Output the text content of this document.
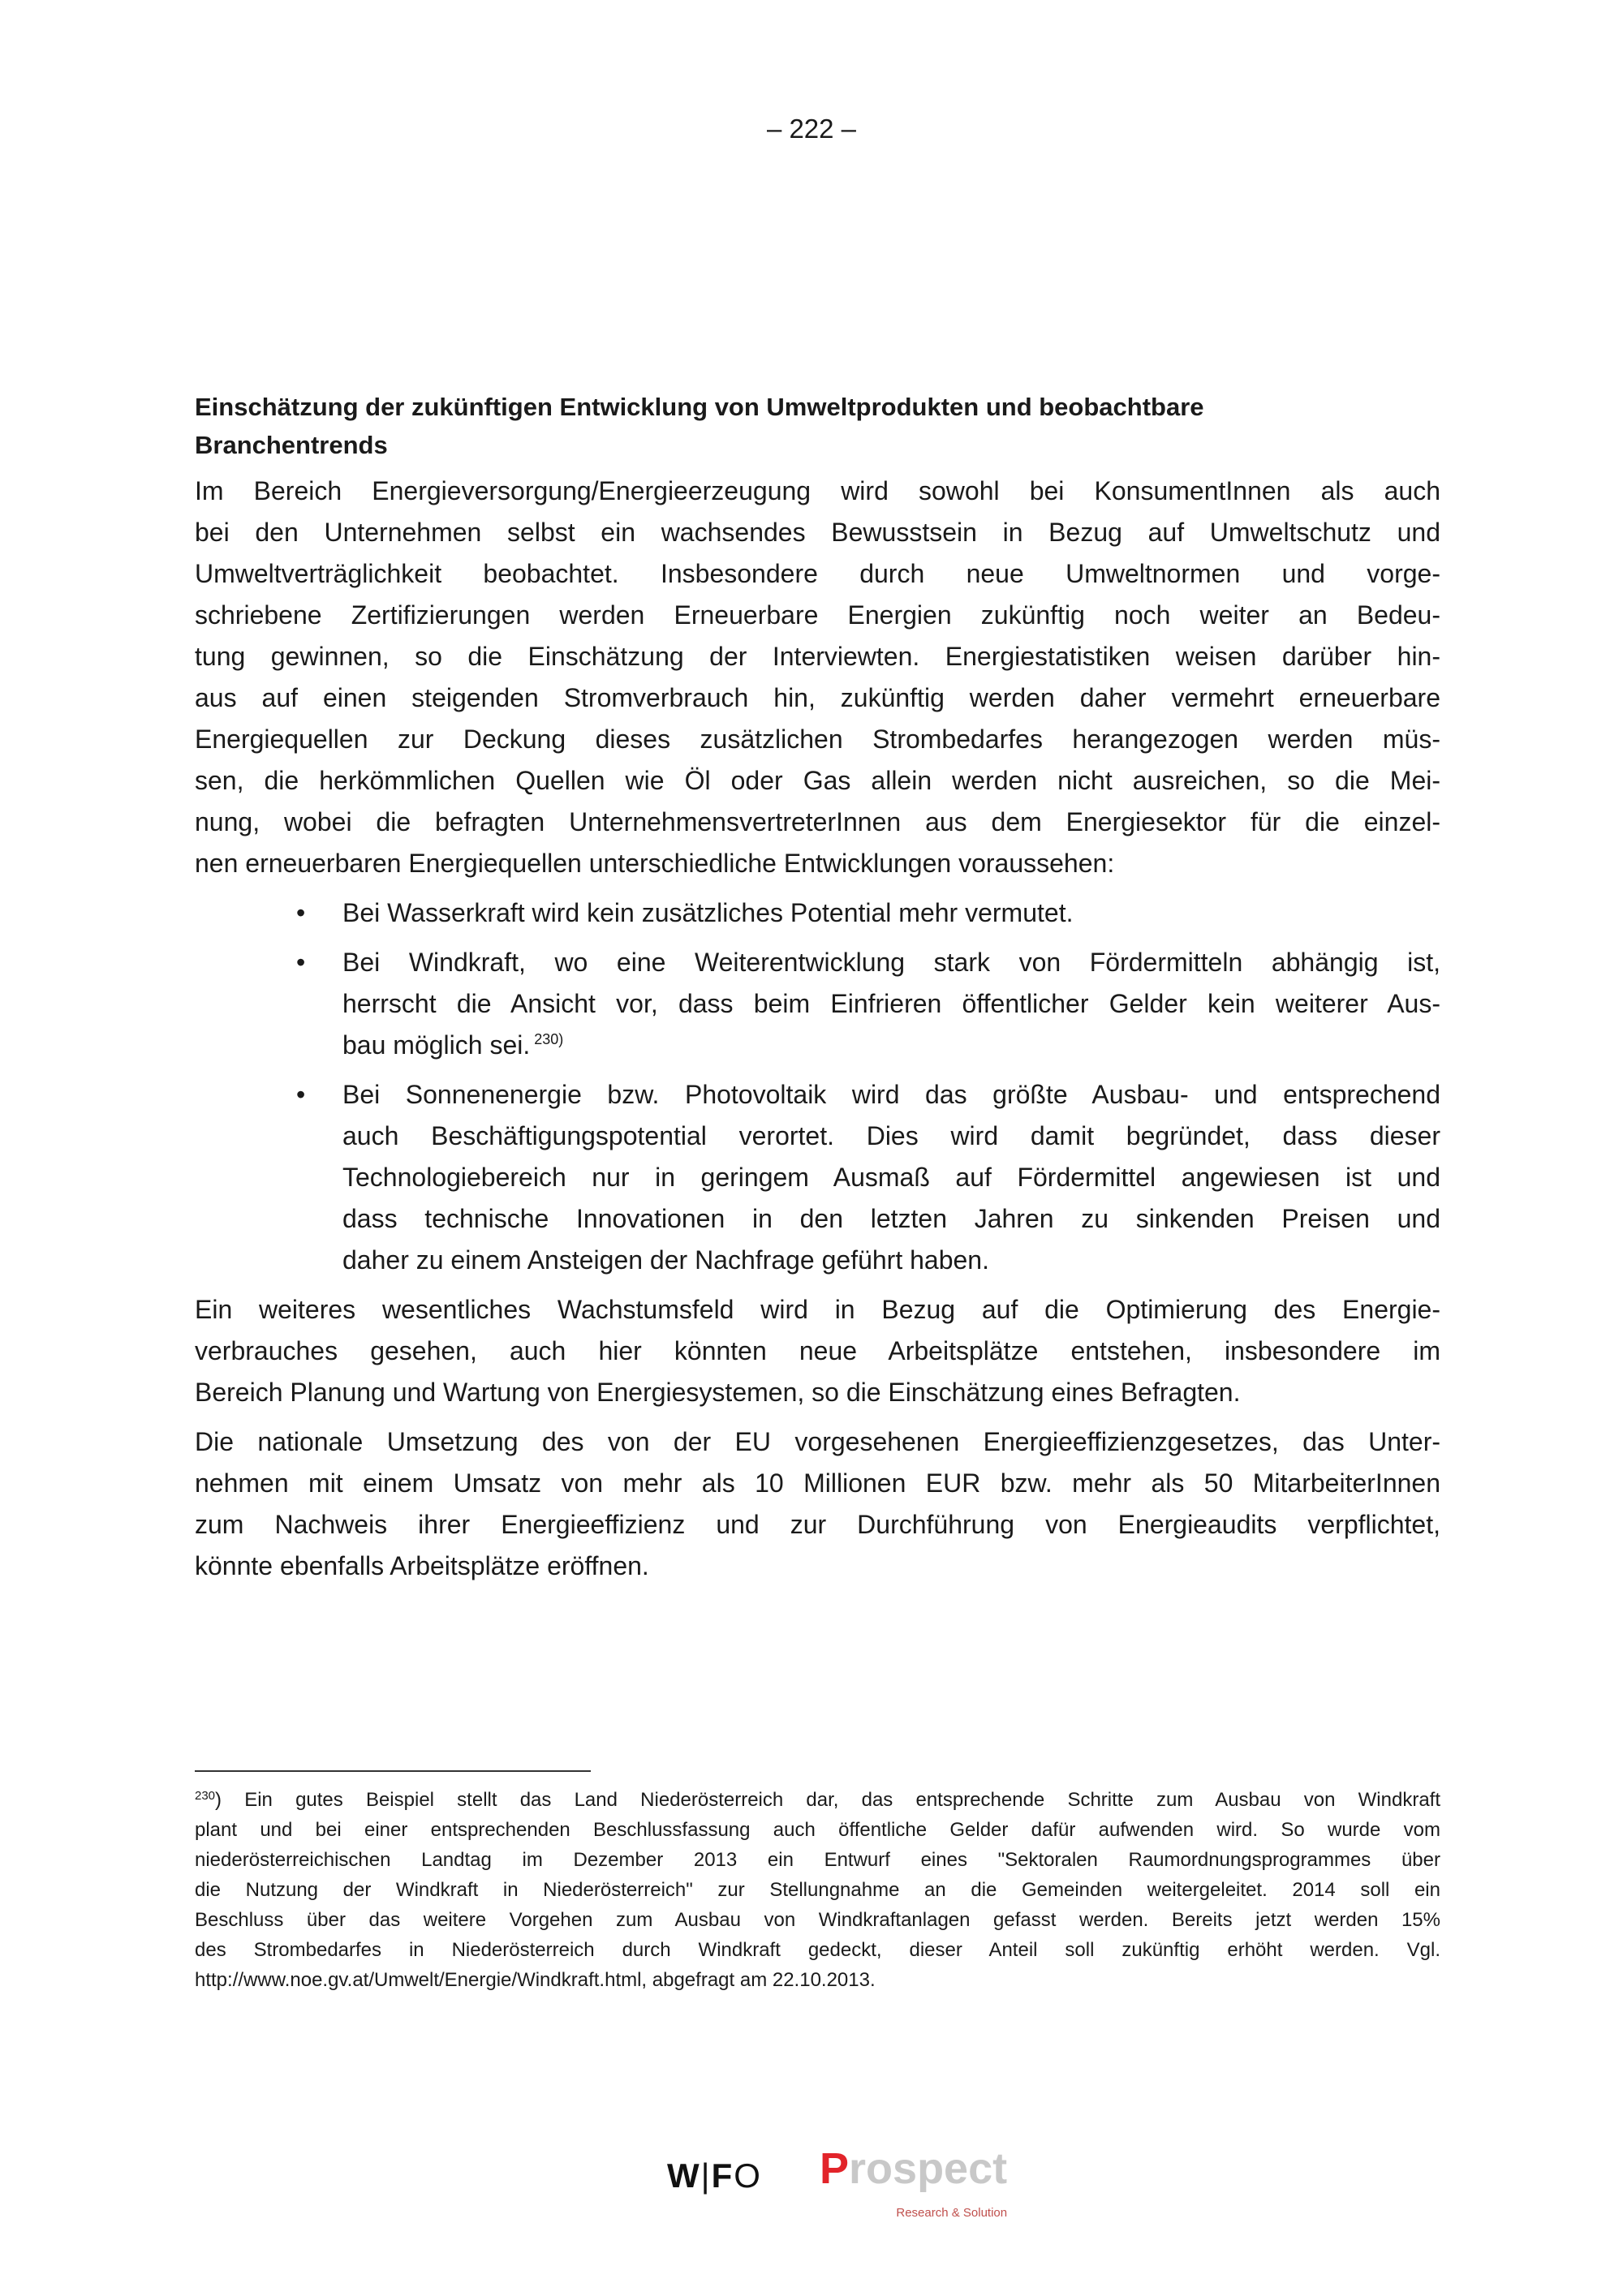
– 222 –
Einschätzung der zukünftigen Entwicklung von Umweltprodukten und beobachtbare
Branchentrends
Im Bereich Energieversorgung/Energieerzeugung wird sowohl bei KonsumentInnen als auch
bei den Unternehmen selbst ein wachsendes Bewusstsein in Bezug auf Umweltschutz und
Umweltverträglichkeit beobachtet. Insbesondere durch neue Umweltnormen und vorge-
schriebene Zertifizierungen werden Erneuerbare Energien zukünftig noch weiter an Bedeu-
tung gewinnen, so die Einschätzung der Interviewten. Energiestatistiken weisen darüber hin-
aus auf einen steigenden Stromverbrauch hin, zukünftig werden daher vermehrt erneuerbare
Energiequellen zur Deckung dieses zusätzlichen Strombedarfes herangezogen werden müs-
sen, die herkömmlichen Quellen wie Öl oder Gas allein werden nicht ausreichen, so die Mei-
nung, wobei die befragten UnternehmensvertreterInnen aus dem Energiesektor für die einzel-
nen erneuerbaren Energiequellen unterschiedliche Entwicklungen voraussehen:
• Bei Wasserkraft wird kein zusätzliches Potential mehr vermutet.
• Bei Windkraft, wo eine Weiterentwicklung stark von Fördermitteln abhängig ist,
herrscht die Ansicht vor, dass beim Einfrieren öffentlicher Gelder kein weiterer Aus-
bau möglich sei. $^{230)}$
• Bei Sonnenenergie bzw. Photovoltaik wird das größte Ausbau- und entsprechend
auch Beschäftigungspotential verortet. Dies wird damit begründet, dass dieser
Technologiebereich nur in geringem Ausmaß auf Fördermittel angewiesen ist und
dass technische Innovationen in den letzten Jahren zu sinkenden Preisen und
daher zu einem Ansteigen der Nachfrage geführt haben.
Ein weiteres wesentliches Wachstumsfeld wird in Bezug auf die Optimierung des Energie-
verbrauches gesehen, auch hier könnten neue Arbeitsplätze entstehen, insbesondere im
Bereich Planung und Wartung von Energiesystemen, so die Einschätzung eines Befragten.
Die nationale Umsetzung des von der EU vorgesehenen Energieeffizienzgesetzes, das Unter-
nehmen mit einem Umsatz von mehr als 10 Millionen EUR bzw. mehr als 50 MitarbeiterInnen
zum Nachweis ihrer Energieeffizienz und zur Durchführung von Energieaudits verpflichtet,
könnte ebenfalls Arbeitsplätze eröffnen.
$^{230}$) Ein gutes Beispiel stellt das Land Niederösterreich dar, das entsprechende Schritte zum Ausbau von Windkraft
plant und bei einer entsprechenden Beschlussfassung auch öffentliche Gelder dafür aufwenden wird. So wurde vom
niederösterreichischen Landtag im Dezember 2013 ein Entwurf eines "Sektoralen Raumordnungsprogrammes über
die Nutzung der Windkraft in Niederösterreich" zur Stellungnahme an die Gemeinden weitergeleitet. 2014 soll ein
Beschluss über das weitere Vorgehen zum Ausbau von Windkraftanlagen gefasst werden. Bereits jetzt werden 15%
des Strombedarfes in Niederösterreich durch Windkraft gedeckt, dieser Anteil soll zukünftig erhöht werden. Vgl.
http://www.noe.gv.at/Umwelt/Energie/Windkraft.html, abgefragt am 22.10.2013.
W|FO Prospect
Research & Solution
